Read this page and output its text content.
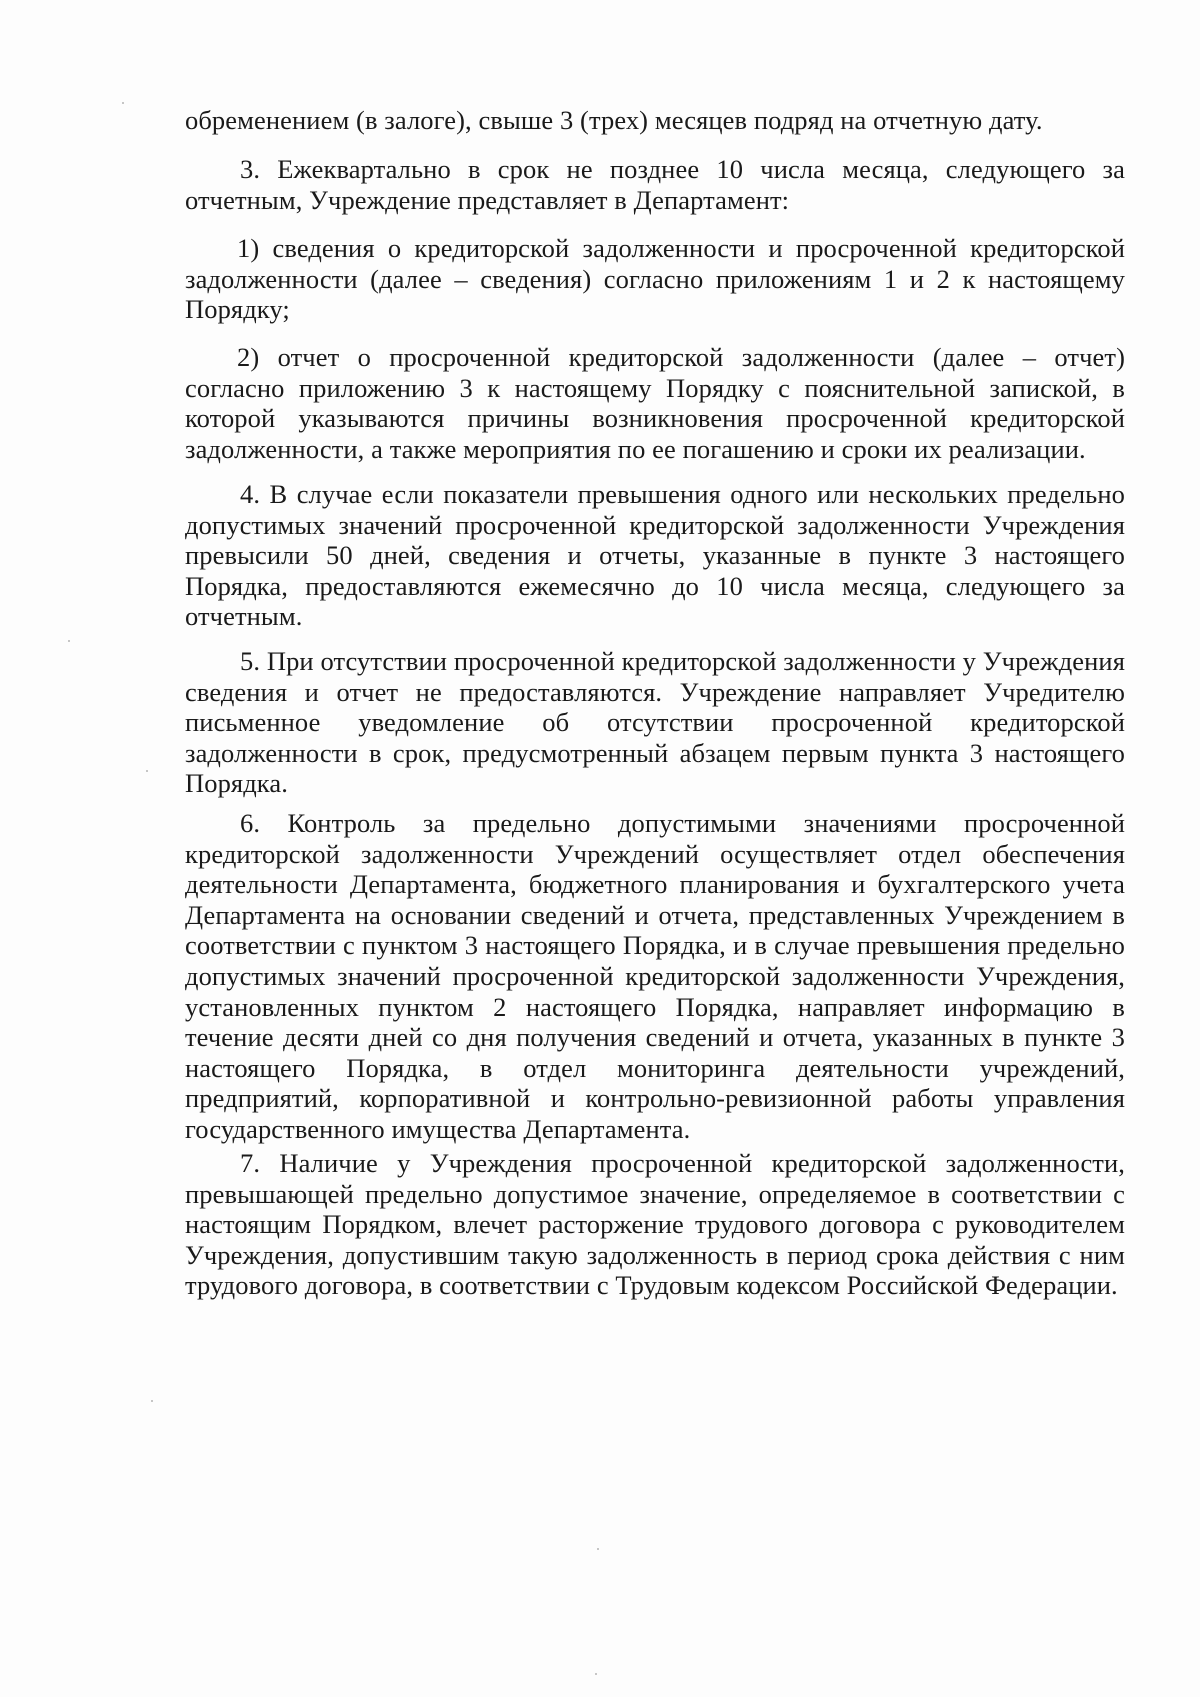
обременением (в залоге), свыше 3 (трех) месяцев подряд на отчетную дату.

3. Ежеквартально в срок не позднее 10 числа месяца, следующего за отчетным, Учреждение представляет в Департамент:

1) сведения о кредиторской задолженности и просроченной кредиторской задолженности (далее – сведения) согласно приложениям 1 и 2 к настоящему Порядку;

2) отчет о просроченной кредиторской задолженности (далее – отчет) согласно приложению 3 к настоящему Порядку с пояснительной запиской, в которой указываются причины возникновения просроченной кредиторской задолженности, а также мероприятия по ее погашению и сроки их реализации.

4. В случае если показатели превышения одного или нескольких предельно допустимых значений просроченной кредиторской задолженности Учреждения превысили 50 дней, сведения и отчеты, указанные в пункте 3 настоящего Порядка, предоставляются ежемесячно до 10 числа месяца, следующего за отчетным.

5. При отсутствии просроченной кредиторской задолженности у Учреждения сведения и отчет не предоставляются. Учреждение направляет Учредителю письменное уведомление об отсутствии просроченной кредиторской задолженности в срок, предусмотренный абзацем первым пункта 3 настоящего Порядка.

6. Контроль за предельно допустимыми значениями просроченной кредиторской задолженности Учреждений осуществляет отдел обеспечения деятельности Департамента, бюджетного планирования и бухгалтерского учета Департамента на основании сведений и отчета, представленных Учреждением в соответствии с пунктом 3 настоящего Порядка, и в случае превышения предельно допустимых значений просроченной кредиторской задолженности Учреждения, установленных пунктом 2 настоящего Порядка, направляет информацию в течение десяти дней со дня получения сведений и отчета, указанных в пункте 3 настоящего Порядка, в отдел мониторинга деятельности учреждений, предприятий, корпоративной и контрольно-ревизионной работы управления государственного имущества Департамента.

7. Наличие у Учреждения просроченной кредиторской задолженности, превышающей предельно допустимое значение, определяемое в соответствии с настоящим Порядком, влечет расторжение трудового договора с руководителем Учреждения, допустившим такую задолженность в период срока действия с ним трудового договора, в соответствии с Трудовым кодексом Российской Федерации.
